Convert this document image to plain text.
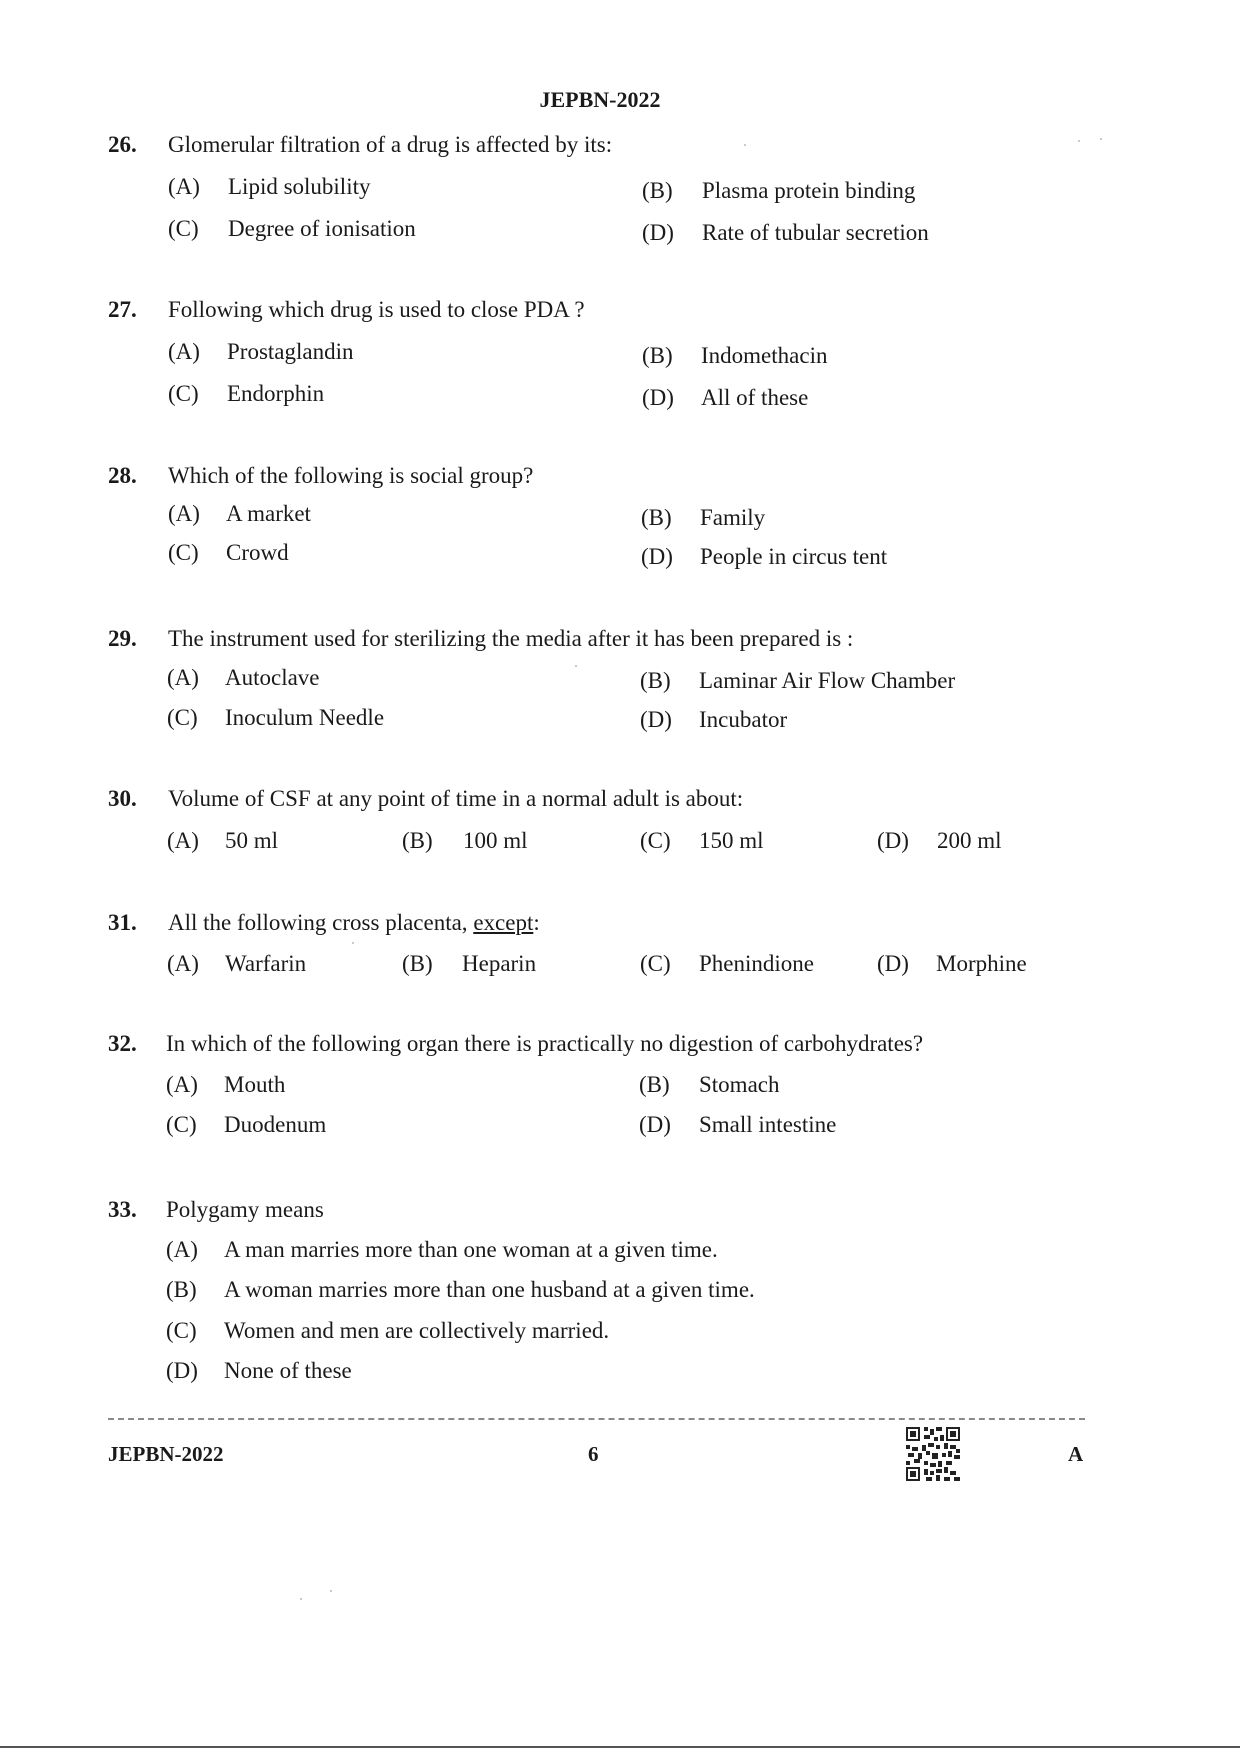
JEPBN-2022
26. Glomerular filtration of a drug is affected by its:
(A) Lipid solubility	(B) Plasma protein binding
(C) Degree of ionisation	(D) Rate of tubular secretion
27. Following which drug is used to close PDA ?
(A) Prostaglandin	(B) Indomethacin
(C) Endorphin	(D) All of these
28. Which of the following is social group?
(A) A market	(B) Family
(C) Crowd	(D) People in circus tent
29. The instrument used for sterilizing the media after it has been prepared is :
(A) Autoclave	(B) Laminar Air Flow Chamber
(C) Inoculum Needle	(D) Incubator
30. Volume of CSF at any point of time in a normal adult is about:
(A) 50 ml	(B) 100 ml	(C) 150 ml	(D) 200 ml
31. All the following cross placenta, except:
(A) Warfarin	(B) Heparin	(C) Phenindione	(D) Morphine
32. In which of the following organ there is practically no digestion of carbohydrates?
(A) Mouth	(B) Stomach
(C) Duodenum	(D) Small intestine
33. Polygamy means
(A) A man marries more than one woman at a given time.
(B) A woman marries more than one husband at a given time.
(C) Women and men are collectively married.
(D) None of these
JEPBN-2022	6	A
